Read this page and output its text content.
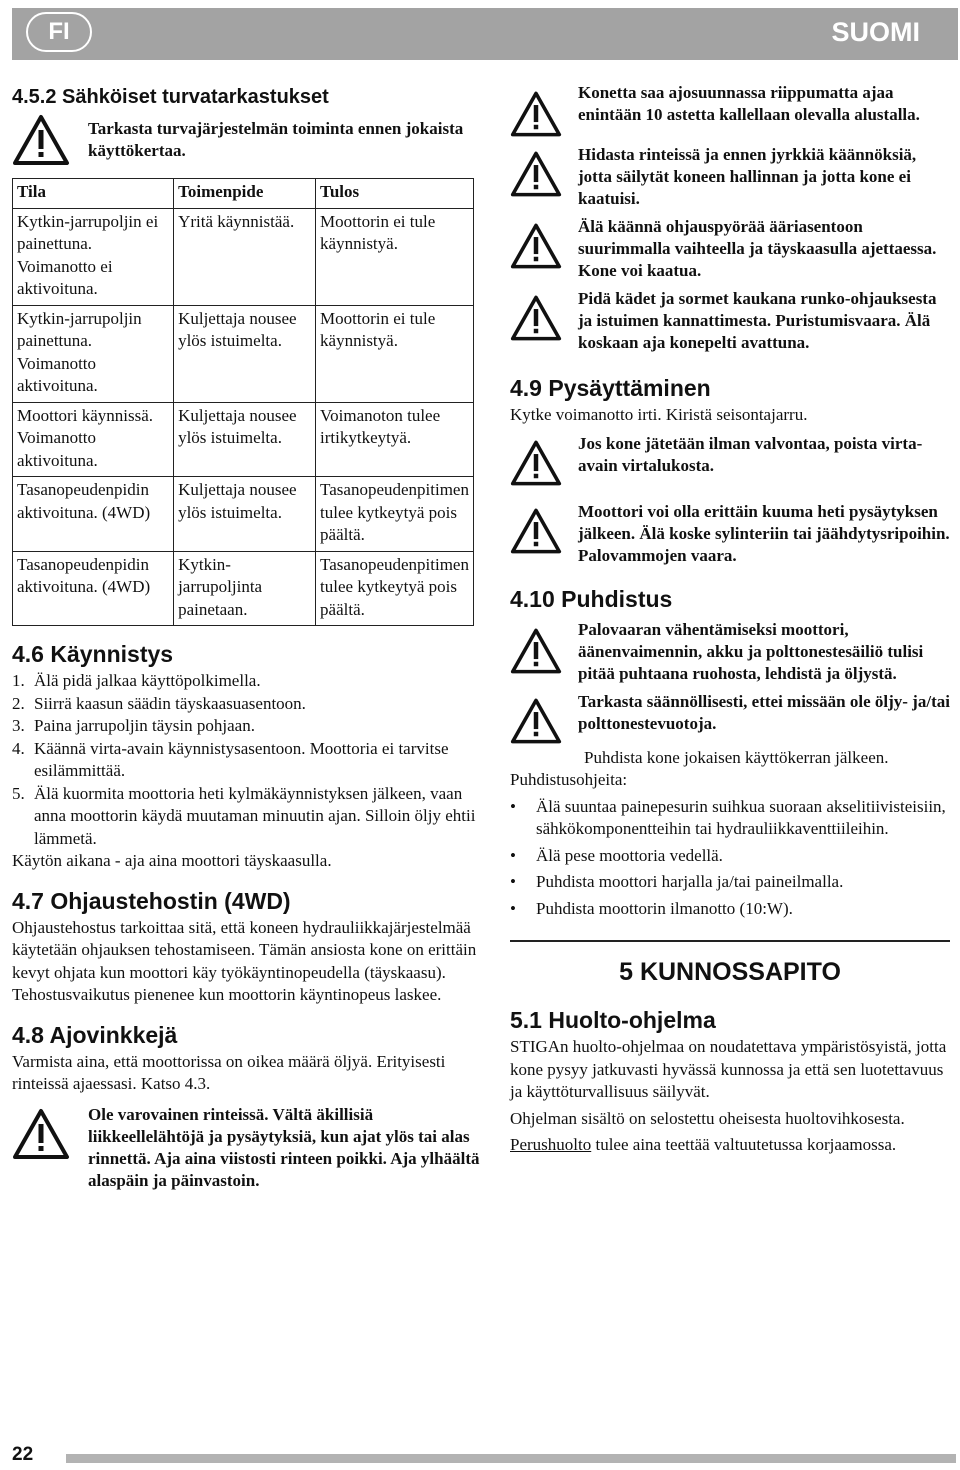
FI	SUOMI
4.5.2 Sähköiset turvatarkastukset
Tarkasta turvajärjestelmän toiminta ennen jokaista käyttökertaa.
Tila	Toimenpide	Tulos
Kytkin-jarrupoljin ei painettuna. Voimanotto ei aktivoituna.	Yritä käynnistää.	Moottorin ei tule käynnistyä.
Kytkin-jarrupoljin painettuna. Voimanotto aktivoituna.	Kuljettaja nousee ylös istuimelta.	Moottorin ei tule käynnistyä.
Moottori käynnissä. Voimanotto aktivoituna.	Kuljettaja nousee ylös istuimelta.	Voimanoton tulee irtikytkeytyä.
Tasanopeudenpidin aktivoituna. (4WD)	Kuljettaja nousee ylös istuimelta.	Tasanopeudenpitimen tulee kytkeytyä pois päältä.
Tasanopeudenpidin aktivoituna. (4WD)	Kytkin-jarrupoljinta painetaan.	Tasanopeudenpitimen tulee kytkeytyä pois päältä.
4.6 Käynnistys
1. Älä pidä jalkaa käyttöpolkimella.
2. Siirrä kaasun säädin täyskaasuasentoon.
3. Paina jarrupoljin täysin pohjaan.
4. Käännä virta-avain käynnistysasentoon. Moottoria ei tarvitse esilämmittää.
5. Älä kuormita moottoria heti kylmäkäynnistyksen jälkeen, vaan anna moottorin käydä muutaman minuutin ajan. Silloin öljy ehtii lämmetä.
Käytön aikana - aja aina moottori täyskaasulla.
4.7 Ohjaustehostin (4WD)
Ohjaustehostus tarkoittaa sitä, että koneen hydrauliikkajärjestelmää käytetään ohjauksen tehostamiseen. Tämän ansiosta kone on erittäin kevyt ohjata kun moottori käy työkäyntinopeudella (täyskaasu).
Tehostusvaikutus pienenee kun moottorin käyntinopeus laskee.
4.8 Ajovinkkejä
Varmista aina, että moottorissa on oikea määrä öljyä. Erityisesti rinteissä ajaessasi. Katso 4.3.
Ole varovainen rinteissä. Vältä äkillisiä liikkeellelähtöjä ja pysäytyksiä, kun ajat ylös tai alas rinnettä. Aja aina viistosti rinteen poikki. Aja ylhäältä alaspäin ja päinvastoin.
Konetta saa ajosuunnassa riippumatta ajaa enintään 10 astetta kallellaan olevalla alustalla.
Hidasta rinteissä ja ennen jyrkkiä käännöksiä, jotta säilytät koneen hallinnan ja jotta kone ei kaatuisi.
Älä käännä ohjauspyörää ääriasentoon suurimmalla vaihteella ja täyskaasulla ajettaessa. Kone voi kaatua.
Pidä kädet ja sormet kaukana runko-ohjauksesta ja istuimen kannattimesta. Puristumisvaara. Älä koskaan aja konepelti avattuna.
4.9 Pysäyttäminen
Kytke voimanotto irti. Kiristä seisontajarru.
Jos kone jätetään ilman valvontaa, poista virta-avain virtalukosta.
Moottori voi olla erittäin kuuma heti pysäytyksen jälkeen. Älä koske sylinteriin tai jäähdytysripoihin. Palovammojen vaara.
4.10 Puhdistus
Palovaaran vähentämiseksi moottori, äänenvaimennin, akku ja polttonestesäiliö tulisi pitää puhtaana ruohosta, lehdistä ja öljystä.
Tarkasta säännöllisesti, ettei missään ole öljy- ja/tai polttonestevuotoja.
Puhdista kone jokaisen käyttökerran jälkeen. Puhdistusohjeita:
•	Älä suuntaa painepesurin suihkua suoraan akselitiivisteisiin, sähkökomponentteihin tai hydrauliikkaventtiileihin.
•	Älä pese moottoria vedellä.
•	Puhdista moottori harjalla ja/tai paineilmalla.
•	Puhdista moottorin ilmanotto (10:W).
5 KUNNOSSAPITO
5.1 Huolto-ohjelma
STIGAn huolto-ohjelmaa on noudatettava ympäristösyistä, jotta kone pysyy jatkuvasti hyvässä kunnossa ja että sen luotettavuus ja käyttöturvallisuus säilyvät.
Ohjelman sisältö on selostettu oheisesta huoltovihkosesta.
Perushuolto tulee aina teettää valtuutetussa korjaamossa.
22
